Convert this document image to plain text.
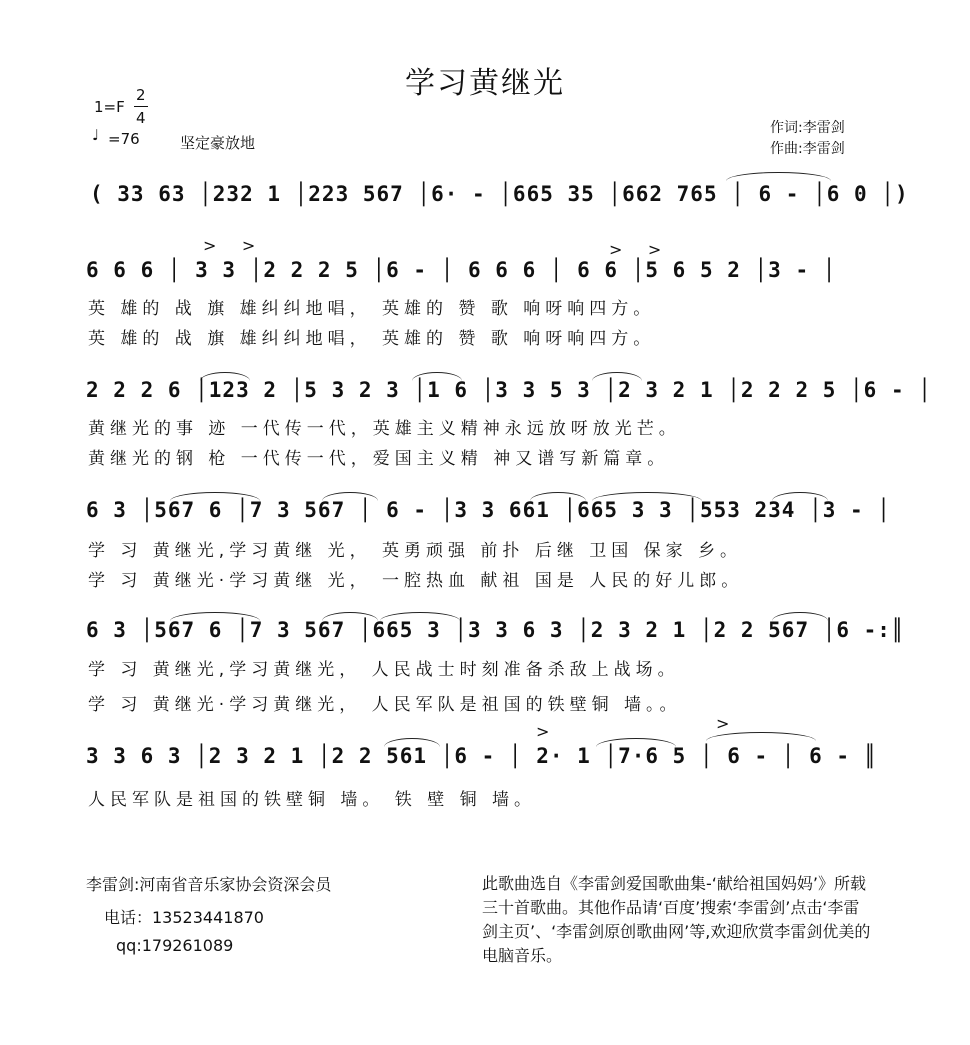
学习黄继光
1=F
2
4
♩ =76	坚定豪放地
作词:李雷剑
作曲:李雷剑
( 33 63 │232 1 │223 567 │6· - │665 35 │662 765 │ 6 - │6 0 │)
>     >	>     >
6 6 6 │ 3 3 │2 2 2 5 │6 - │ 6 6 6 │ 6 6 │5 6 5 2 │3 - │
英 雄的 战 旗 雄纠纠地唱， 英雄的 赞 歌 响呀响四方。
英 雄的 战 旗 雄纠纠地唱， 英雄的 赞 歌 响呀响四方。
2 2 2 6 │123 2 │5 3 2 3 │1 6 │3 3 5 3 │2 3 2 1 │2 2 2 5 │6 - │
黄继光的事 迹 一代传一代，英雄主义精神永远放呀放光芒。
黄继光的钢 枪 一代传一代，爱国主义精 神又谱写新篇章。
6 3 │567 6 │7 3 567 │ 6 - │3 3 661 │665 3 3 │553 234 │3 - │
学 习 黄继光,学习黄继 光， 英勇顽强 前扑 后继 卫国 保家 乡。
学 习 黄继光·学习黄继 光， 一腔热血 献祖 国是 人民的好儿郎。
6 3 │567 6 │7 3 567 │665 3 │3 3 6 3 │2 3 2 1 │2 2 567 │6 -:║
学 习 黄继光,学习黄继光， 人民战士时刻准备杀敌上战场。
学 习 黄继光·学习黄继光， 人民军队是祖国的铁壁铜 墙。。
>	>
3 3 6 3 │2 3 2 1 │2 2 561 │6 - │ 2· 1 │7·6 5 │ 6 - │ 6 - ║
人民军队是祖国的铁壁铜 墙。 铁 壁 铜 墙。
李雷剑:河南省音乐家协会资深会员
电话：13523441870
qq:179261089
此歌曲选自《李雷剑爱国歌曲集-‘献给祖国妈妈’》所载三十首歌曲。其他作品请‘百度’搜索‘李雷剑’点击‘李雷剑主页’、‘李雷剑原创歌曲网’等,欢迎欣赏李雷剑优美的电脑音乐。
